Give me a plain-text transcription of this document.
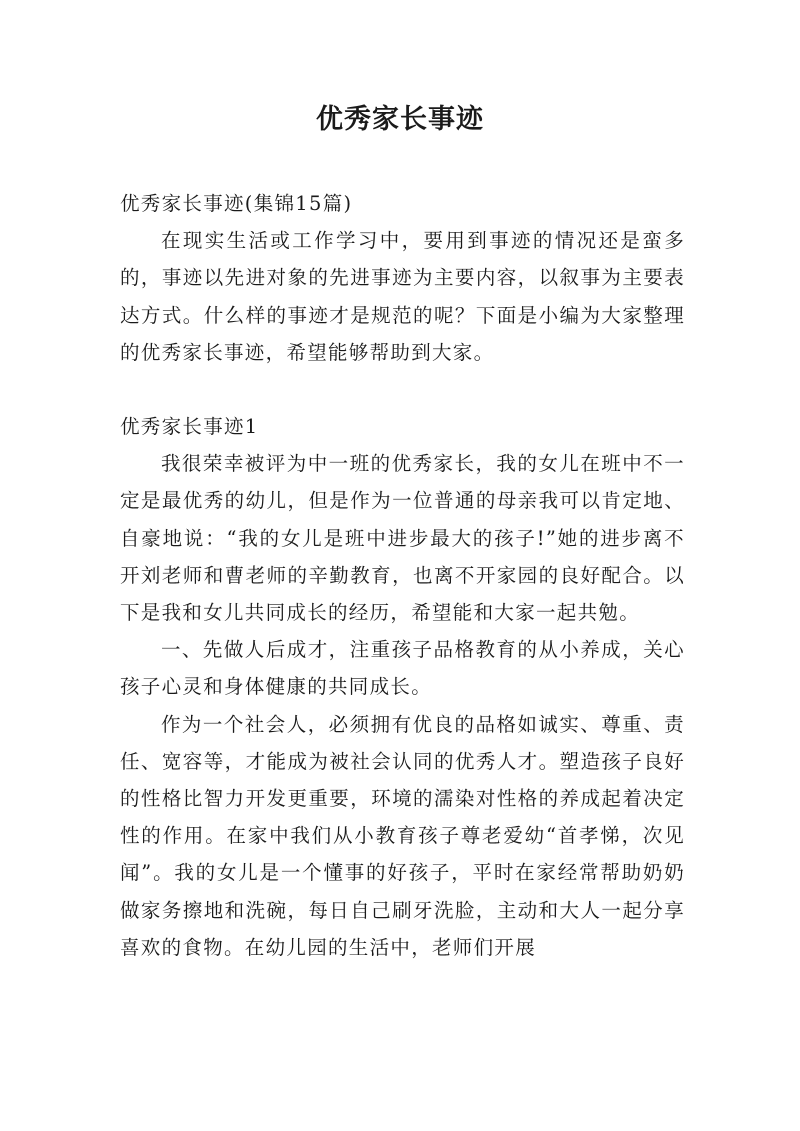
优秀家长事迹

优秀家长事迹(集锦15篇)

在现实生活或工作学习中，要用到事迹的情况还是蛮多的，事迹以先进对象的先进事迹为主要内容，以叙事为主要表达方式。什么样的事迹才是规范的呢？下面是小编为大家整理的优秀家长事迹，希望能够帮助到大家。

优秀家长事迹1

我很荣幸被评为中一班的优秀家长，我的女儿在班中不一定是最优秀的幼儿，但是作为一位普通的母亲我可以肯定地、自豪地说：“我的女儿是班中进步最大的孩子!”她的进步离不开刘老师和曹老师的辛勤教育，也离不开家园的良好配合。以下是我和女儿共同成长的经历，希望能和大家一起共勉。

一、先做人后成才，注重孩子品格教育的从小养成，关心孩子心灵和身体健康的共同成长。

作为一个社会人，必须拥有优良的品格如诚实、尊重、责任、宽容等，才能成为被社会认同的优秀人才。塑造孩子良好的性格比智力开发更重要，环境的濡染对性格的养成起着决定性的作用。在家中我们从小教育孩子尊老爱幼“首孝悌，次见闻”。我的女儿是一个懂事的好孩子，平时在家经常帮助奶奶做家务擦地和洗碗，每日自己刷牙洗脸，主动和大人一起分享喜欢的食物。在幼儿园的生活中，老师们开展
